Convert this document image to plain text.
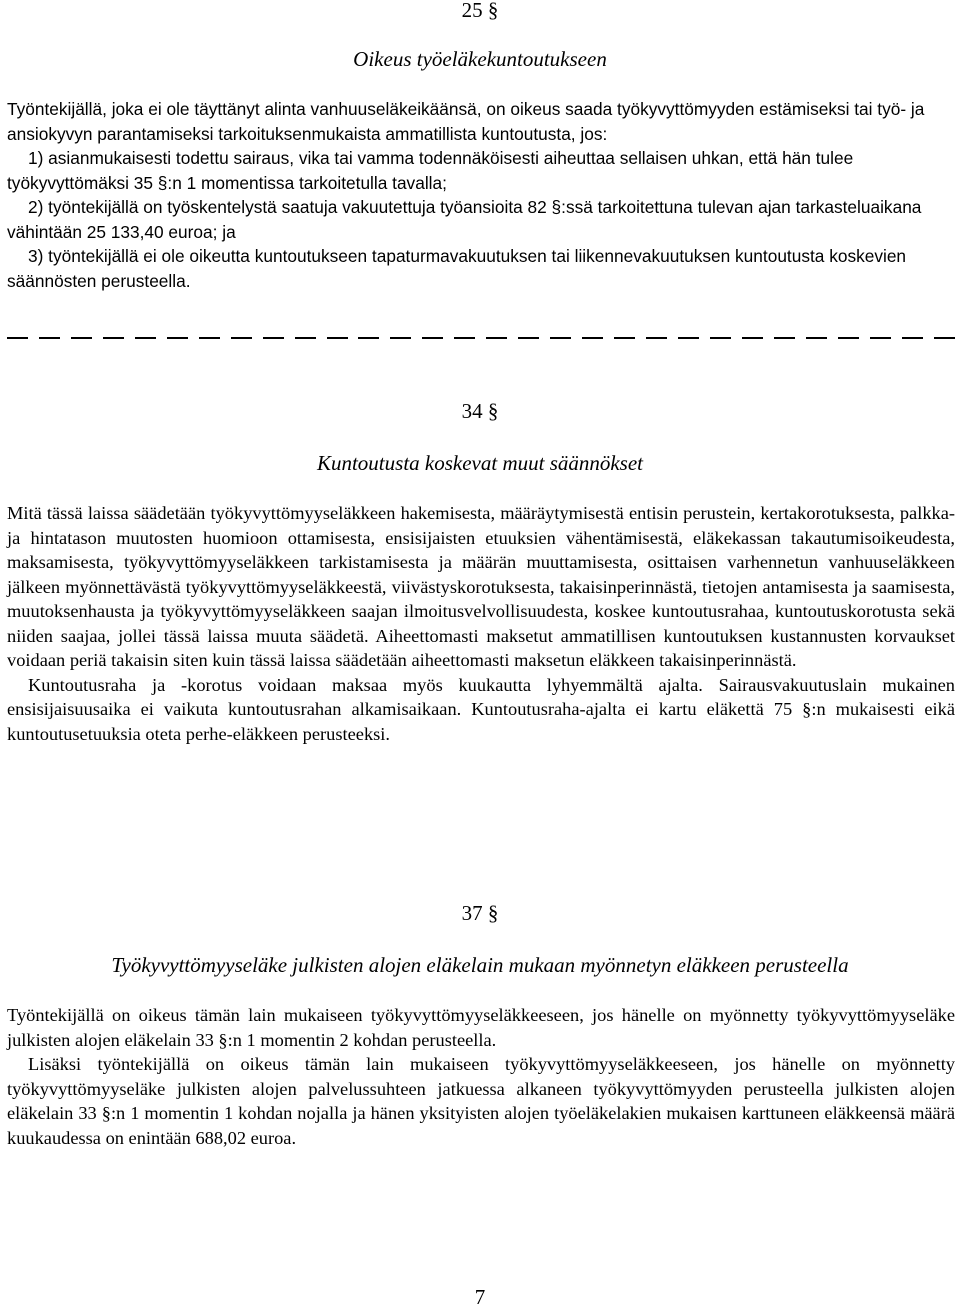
25 §
Oikeus työeläkekuntoutukseen

Työntekijällä, joka ei ole täyttänyt alinta vanhuuseläkeikäänsä, on oikeus saada työkyvyttömyyden estämiseksi tai työ- ja ansiokyvyn parantamiseksi tarkoituksenmukaista ammatillista kuntoutusta, jos:

1) asianmukaisesti todettu sairaus, vika tai vamma todennäköisesti aiheuttaa sellaisen uhkan, että hän tulee työkyvyttömäksi 35 §:n 1 momentissa tarkoitetulla tavalla;

2) työntekijällä on työskentelystä saatuja vakuutettuja työansioita 82 §:ssä tarkoitettuna tulevan ajan tarkasteluaikana vähintään 25 133,40 euroa; ja

3) työntekijällä ei ole oikeutta kuntoutukseen tapaturmavakuutuksen tai liikennevakuutuksen kuntoutusta koskevien säännösten perusteella.

34 §
Kuntoutusta koskevat muut säännökset

Mitä tässä laissa säädetään työkyvyttömyyseläkkeen hakemisesta, määräytymisestä entisin perustein, kertakorotuksesta, palkka- ja hintatason muutosten huomioon ottamisesta, ensisijaisten etuuksien vähentämisestä, eläkekassan takautumisoikeudesta, maksamisesta, työkyvyttömyyseläkkeen tarkistamisesta ja määrän muuttamisesta, osittaisen varhennetun vanhuuseläkkeen jälkeen myönnettävästä työkyvyttömyyseläkkeestä, viivästyskorotuksesta, takaisinperinnästä, tietojen antamisesta ja saamisesta, muutoksenhausta ja työkyvyttömyyseläkkeen saajan ilmoitusvelvollisuudesta, koskee kuntoutusrahaa, kuntoutuskorotusta sekä niiden saajaa, jollei tässä laissa muuta säädetä. Aiheettomasti maksetut ammatillisen kuntoutuksen kustannusten korvaukset voidaan periä takaisin siten kuin tässä laissa säädetään aiheettomasti maksetun eläkkeen takaisinperinnästä.

Kuntoutusraha ja -korotus voidaan maksaa myös kuukautta lyhyemmältä ajalta. Sairausvakuutuslain mukainen ensisijaisuusaika ei vaikuta kuntoutusrahan alkamisaikaan. Kuntoutusraha-ajalta ei kartu eläkettä 75 §:n mukaisesti eikä kuntoutusetuuksia oteta perhe-eläkkeen perusteeksi.

37 §
Työkyvyttömyyseläke julkisten alojen eläkelain mukaan myönnetyn eläkkeen perusteella

Työntekijällä on oikeus tämän lain mukaiseen työkyvyttömyyseläkkeeseen, jos hänelle on myönnetty työkyvyttömyyseläke julkisten alojen eläkelain 33 §:n 1 momentin 2 kohdan perusteella.

Lisäksi työntekijällä on oikeus tämän lain mukaiseen työkyvyttömyyseläkkeeseen, jos hänelle on myönnetty työkyvyttömyyseläke julkisten alojen palvelussuhteen jatkuessa alkaneen työkyvyttömyyden perusteella julkisten alojen eläkelain 33 §:n 1 momentin 1 kohdan nojalla ja hänen yksityisten alojen työeläkelakien mukaisen karttuneen eläkkeensä määrä kuukaudessa on enintään 688,02 euroa.

7
